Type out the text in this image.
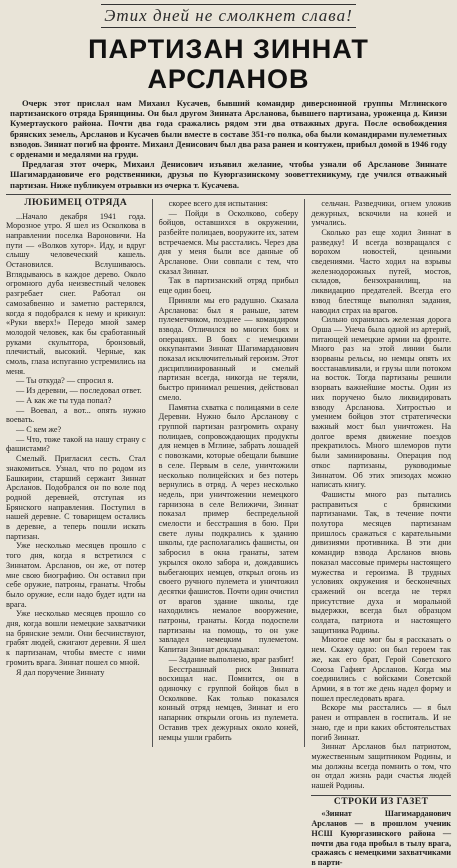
Этих дней не смолкнет слава!
ПАРТИЗАН ЗИННАТ АРСЛАНОВ

Очерк этот прислал нам Михаил Кусачев, бывший командир диверсионной группы Мглинского партизанского отряда Брянщины. Он был другом Зинната Арсланова, бывшего партизана, уроженца д. Кинзи Кумертауского района. Почти два года сражались рядом эти два отважных друга. После освобождения брянских земель, Арсланов и Кусачев были вместе в составе 351-го полка, оба были командирами пулеметных взводов. Зиннат погиб на фронте. Михаил Денисович был два раза ранен и контужен, прибыл домой в 1946 году с орденами и медалями на груди.

Предлагая этот очерк, Михаил Денисович изъявил желание, чтобы узнали об Арсланове Зиннате Шагимардановиче его родственники, друзья по Куюргазинскому зооветтехникуму, где учился отважный партизан. Ниже публикуем отрывки из очерка т. Кусачева.

ЛЮБИМЕЦ ОТРЯДА

...Начало декабря 1941 года. Морозное утро. Я шел из Осколкова в направлении поселка Вароновичи. На пути — «Волков хутор». Иду, и вдруг слышу человеческий кашель. Остановился. Вслушиваюсь. Вглядываюсь в каждое дерево. Около огромного дуба неизвестный человек разгребает снег. Работал он самозабвенно и заметно растерялся, когда я подобрался к нему и крикнул: «Руки вверх!» Передо мной замер молодой человек, как бы сработанный руками скульптора, бронзовый, плечистый, высокий. Черные, как смоль, глаза испуганно устремились на меня.

— Ты откуда? — спросил я.

— Из деревни, — последовал ответ.

— А как же ты туда попал?

— Воевал, а вот... опять нужно воевать.

— С кем же?

— Что, тоже такой на нашу страну с фашистами?

Смелый. Пригласил сесть. Стал знакомиться. Узнал, что по родом из Башкирии, старший сержант Зиннат Арсланов. Подобрался он по воле под родной деревней, отступая из Брянского направления. Поступил в нашей деревне. С товарищем остались в деревне, а теперь пошли искать партизан.

Уже несколько месяцев прошло с того дня, когда я встретился с Зиннатом. Арсланов, он же, от потер мне свою биографию. Он оставил при себе оружие, патроны, гранаты. Чтобы было оружие, если надо будет идти на врага.

Уже несколько месяцев прошло со дня, когда вошли немецкие захватчики на брянские земли. Они бесчинствуют, грабят людей, сжигают деревни. Я шел к партизанам, чтобы вместе с ними громить врага. Зиннат пошел со мной.

Я дал поручение Зиннату

скорее всего для испытания:

— Пойди в Осколково, соберу бойцов, оставшихся в окружении, разбейте полицаев, вооружите их, затем встречаемся. Мы расстались. Через два дня у меня были все данные об Арсланове. Они совпали с тем, что сказал Зиннат.

Так в партизанский отряд прибыл еще один боец.

Приняли мы его радушно. Сказала Арсланова: был я раньше, затем пулеметчиком, позднее — командиром взвода. Отличился во многих боях и операциях. В боях с немецкими оккупантами Зиннат Шагимарданович показал исключительный героизм. Этот дисциплинированный и смелый партизан всегда, никогда не теряли, быстро принимал решения, действовал смело.

Памятна схватка с полицаями в селе Деревни. Нужно было Арсланову с группой партизан разгромить охрану полицаев, сопровождающих продукты для немцев в Мглине, забрать лошадей с повозками, которые обещали бывшие в селе. Первым в селе, уничтожили несколько полицейских и без потерь вернулись в отряд. А через несколько недель, при уничтожении немецкого гарнизона в селе Велижичи, Зиннат показал пример беспредельной смелости и бесстрашия в бою. При свете луны подкрались к зданию школы, где располагались фашисты, он забросил в окна гранаты, затем укрылся около забора и, дождавшись выбегающих немцев, открыл огонь из своего ручного пулемета и уничтожил десятки фашистов. Почти один очистил от врагов здание школы, где находились немалое вооружение, патроны, гранаты. Когда подоспели партизаны на помощь, то он уже завладел немецким пулеметом. Капитан Зиннат докладывал:

— Задание выполнено, враг разбит!

Бесстрашный риск Зинната восхищал нас. Помнится, он в одиночку с группой бойцов был в Осколкове. Как только показался конный отряд немцев, Зиннат и его напарник открыли огонь из пулемета. Оставив трех дежурных около коней, немцы ушли грабить

сельчан. Разведчики, огнем уложив дежурных, вскочили на коней и умчались.

Сколько раз еще ходил Зиннат в разведку! И всегда возвращался с ворохом новостей, ценными сведениями. Часто ходил на взрывы железнодорожных путей, мостов, складов, бензохранилищ, на ликвидацию предателей. Всегда его взвод блестяще выполнял задания, наводил страх на врагов.

Сильно охранялась железная дорога Орша — Унеча была одной из артерий, питающей немецкие армии на фронте. Много раз на этой линии были взорваны рельсы, но немцы опять их восстанавливали, и грузы шли потоком на восток. Тогда партизаны решили взорвать важнейшие мосты. Один из них порученo было ликвидировать взводу Арсланова. Хитростью и умением бойцов этот стратегически важный мост был уничтожен. На долгое время движение поездов прекратилось. Много шлеморов пути были заминированы. Операция под откос партизаны, руководимые Зиннатом. Об этих эпизодах можно написать книгу.

Фашисты много раз пытались расправиться с брянскими партизанами. Так, в течение почти полутора месяцев партизанам пришлось сражаться с карательными дивизиями противника. В эти дни командир взвода Арсланов вновь показал массовые примеры настоящего мужества и героизма. В трудных условиях окружения и бесконечных сражений он всегда не терял присутствие духа и моральной выдержки, всегда был образцом солдата, патриота и настоящего защитника Родины.

Многое еще мог бы я рассказать о нем. Скажу одно: он был героем так же, как его брат, Герой Советского Союза Гафият Арсланов. Когда мы соединились с войсками Советской Армии, я в тот же день надел форму и пошел преследовать врага.

Вскоре мы расстались — я был ранен и отправлен в госпиталь. И не знаю, где и при каких обстоятельствах погиб Зиннат.

Зиннат Арсланов был патриотом, мужественным защитником Родины, и мы должны всегда помнить о том, что он отдал жизнь ради счастья людей нашей Родины.

СТРОКИ ИЗ ГАЗЕТ

«Зиннат Шагимарданович Арсланов — в прошлом ученик НСШ Куюргазинского района — почти два года пробыл в тылу врага, сражаясь с немецкими захватчиками в парти-
